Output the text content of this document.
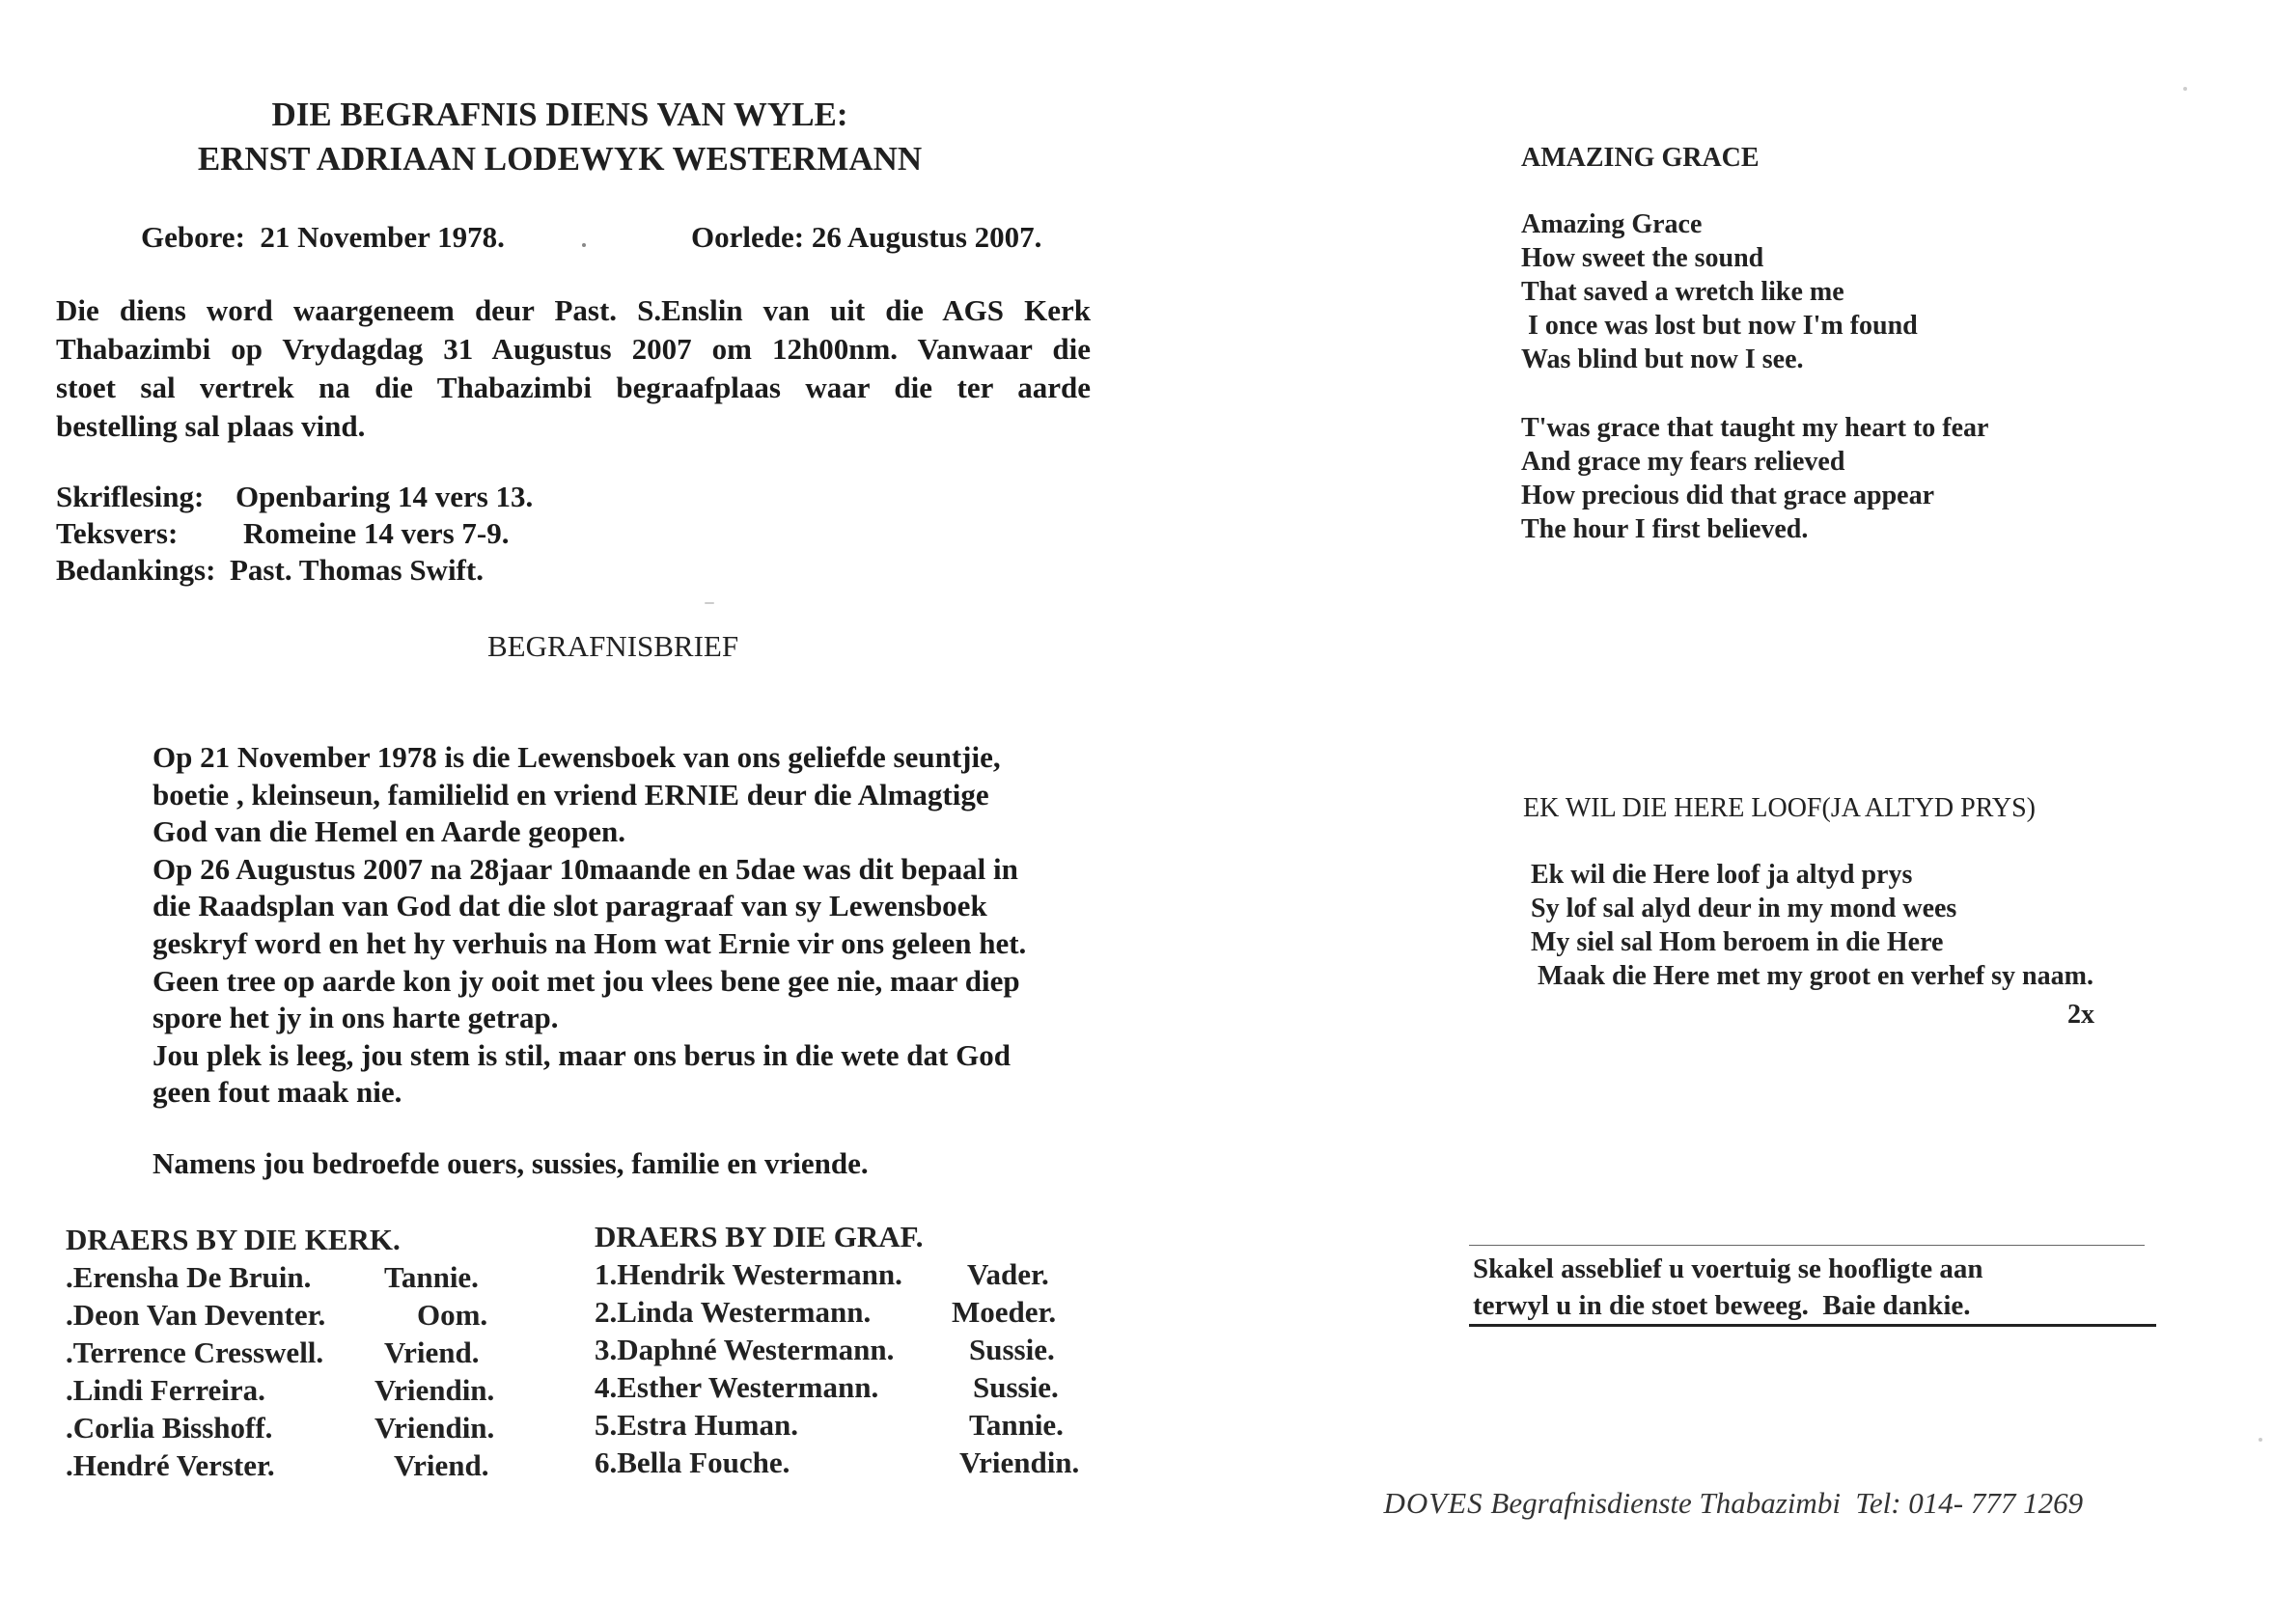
DIE BEGRAFNIS DIENS VAN WYLE:
ERNST ADRIAAN LODEWYK WESTERMANN
Gebore:  21 November 1978.	Oorlede: 26 Augustus 2007.
Die diens word waargeneem deur Past. S.Enslin van uit die AGS Kerk
Thabazimbi op Vrydagdag 31 Augustus 2007 om 12h00nm. Vanwaar die
stoet sal vertrek na die Thabazimbi begraafplaas waar die ter aarde
bestelling sal plaas vind.
Skriflesing: Openbaring 14 vers 13.
Teksvers: Romeine 14 vers 7-9.
Bedankings: Past. Thomas Swift.
BEGRAFNISBRIEF
Op 21 November 1978 is die Lewensboek van ons geliefde seuntjie,
boetie , kleinseun, familielid en vriend ERNIE deur die Almagtige
God van die Hemel en Aarde geopen.
Op 26 Augustus 2007 na 28jaar 10maande en 5dae was dit bepaal in
die Raadsplan van God dat die slot paragraaf van sy Lewensboek
geskryf word en het hy verhuis na Hom wat Ernie vir ons geleen het.
Geen tree op aarde kon jy ooit met jou vlees bene gee nie, maar diep
spore het jy in ons harte getrap.
Jou plek is leeg, jou stem is stil, maar ons berus in die wete dat God
geen fout maak nie.
Namens jou bedroefde ouers, sussies, familie en vriende.
DRAERS BY DIE KERK.
.Erensha De Bruin. Tannie.
.Deon Van Deventer.	Oom.
.Terrence Cresswell. Vriend.
.Lindi Ferreira.	Vriendin.
.Corlia Bisshoff.	Vriendin.
.Hendré Verster.	Vriend.
DRAERS BY DIE GRAF.
1.Hendrik Westermann. Vader.
2.Linda Westermann.	Moeder.
3.Daphné Westermann.	Sussie.
4.Esther Westermann.	Sussie.
5.Estra Human.	Tannie.
6.Bella Fouche.	Vriendin.
AMAZING GRACE
Amazing Grace
How sweet the sound
That saved a wretch like me
I once was lost but now I'm found
Was blind but now I see.
T'was grace that taught my heart to fear
And grace my fears relieved
How precious did that grace appear
The hour I first believed.
EK WIL DIE HERE LOOF(JA ALTYD PRYS)
Ek wil die Here loof ja altyd prys
Sy lof sal alyd deur in my mond wees
My siel sal Hom beroem in die Here
Maak die Here met my groot en verhef sy naam.
2x
Skakel asseblief u voertuig se hoofligte aan
terwyl u in die stoet beweeg.  Baie dankie.

DOVES Begrafnisdienste Thabazimbi  Tel: 014- 777 1269
